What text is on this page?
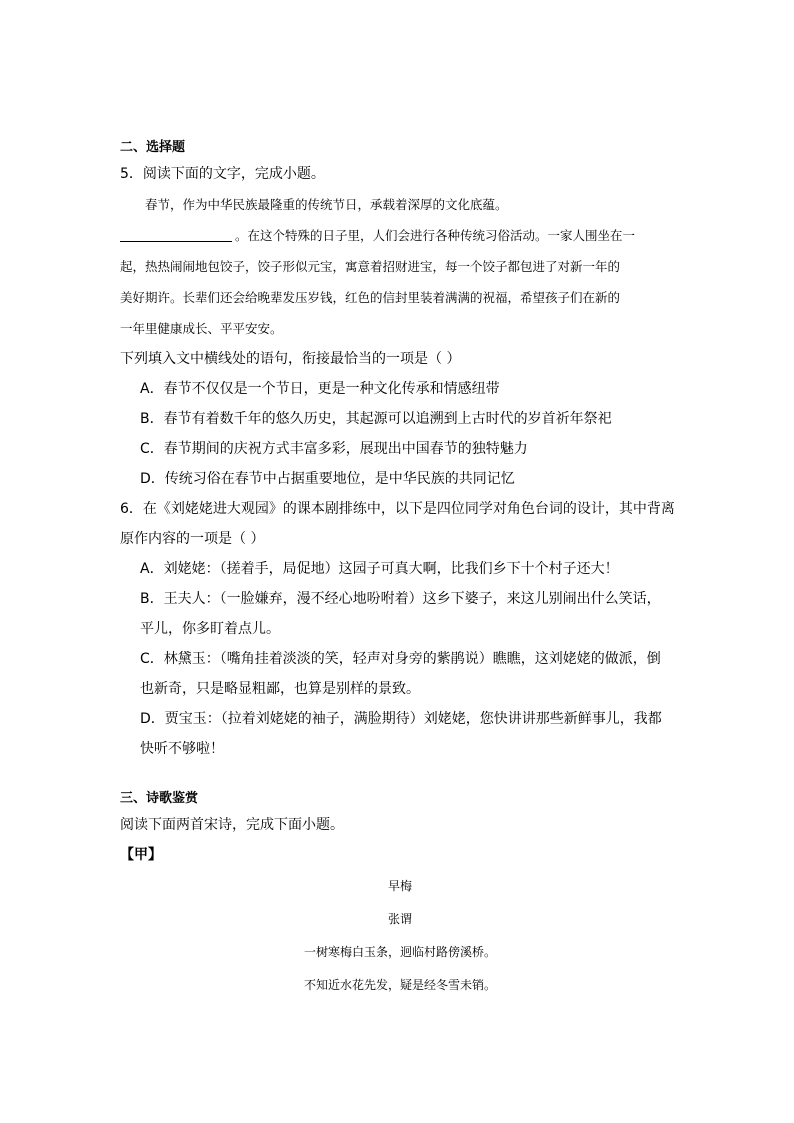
二、选择题
5．阅读下面的文字，完成小题。
春节，作为中华民族最隆重的传统节日，承载着深厚的文化底蕴。
。在这个特殊的日子里，人们会进行各种传统习俗活动。一家人围坐在一
起，热热闹闹地包饺子，饺子形似元宝，寓意着招财进宝，每一个饺子都包进了对新一年的
美好期许。长辈们还会给晚辈发压岁钱，红色的信封里装着满满的祝福，希望孩子们在新的
一年里健康成长、平平安安。
下列填入文中横线处的语句，衔接最恰当的一项是（ ）
A．春节不仅仅是一个节日，更是一种文化传承和情感纽带
B．春节有着数千年的悠久历史，其起源可以追溯到上古时代的岁首祈年祭祀
C．春节期间的庆祝方式丰富多彩，展现出中国春节的独特魅力
D．传统习俗在春节中占据重要地位，是中华民族的共同记忆
6．在《刘姥姥进大观园》的课本剧排练中，以下是四位同学对角色台词的设计，其中背离
原作内容的一项是（ ）
A．刘姥姥：（搓着手，局促地）这园子可真大啊，比我们乡下十个村子还大！
B．王夫人：（一脸嫌弃，漫不经心地吩咐着）这乡下婆子，来这儿别闹出什么笑话，
平儿，你多盯着点儿。
C．林黛玉：（嘴角挂着淡淡的笑，轻声对身旁的紫鹃说）瞧瞧，这刘姥姥的做派，倒
也新奇，只是略显粗鄙，也算是别样的景致。
D．贾宝玉：（拉着刘姥姥的袖子，满脸期待）刘姥姥，您快讲讲那些新鲜事儿，我都
快听不够啦！
三、诗歌鉴赏
阅读下面两首宋诗，完成下面小题。
【甲】
早梅
张谓
一树寒梅白玉条，迥临村路傍溪桥。
不知近水花先发，疑是经冬雪未销。
